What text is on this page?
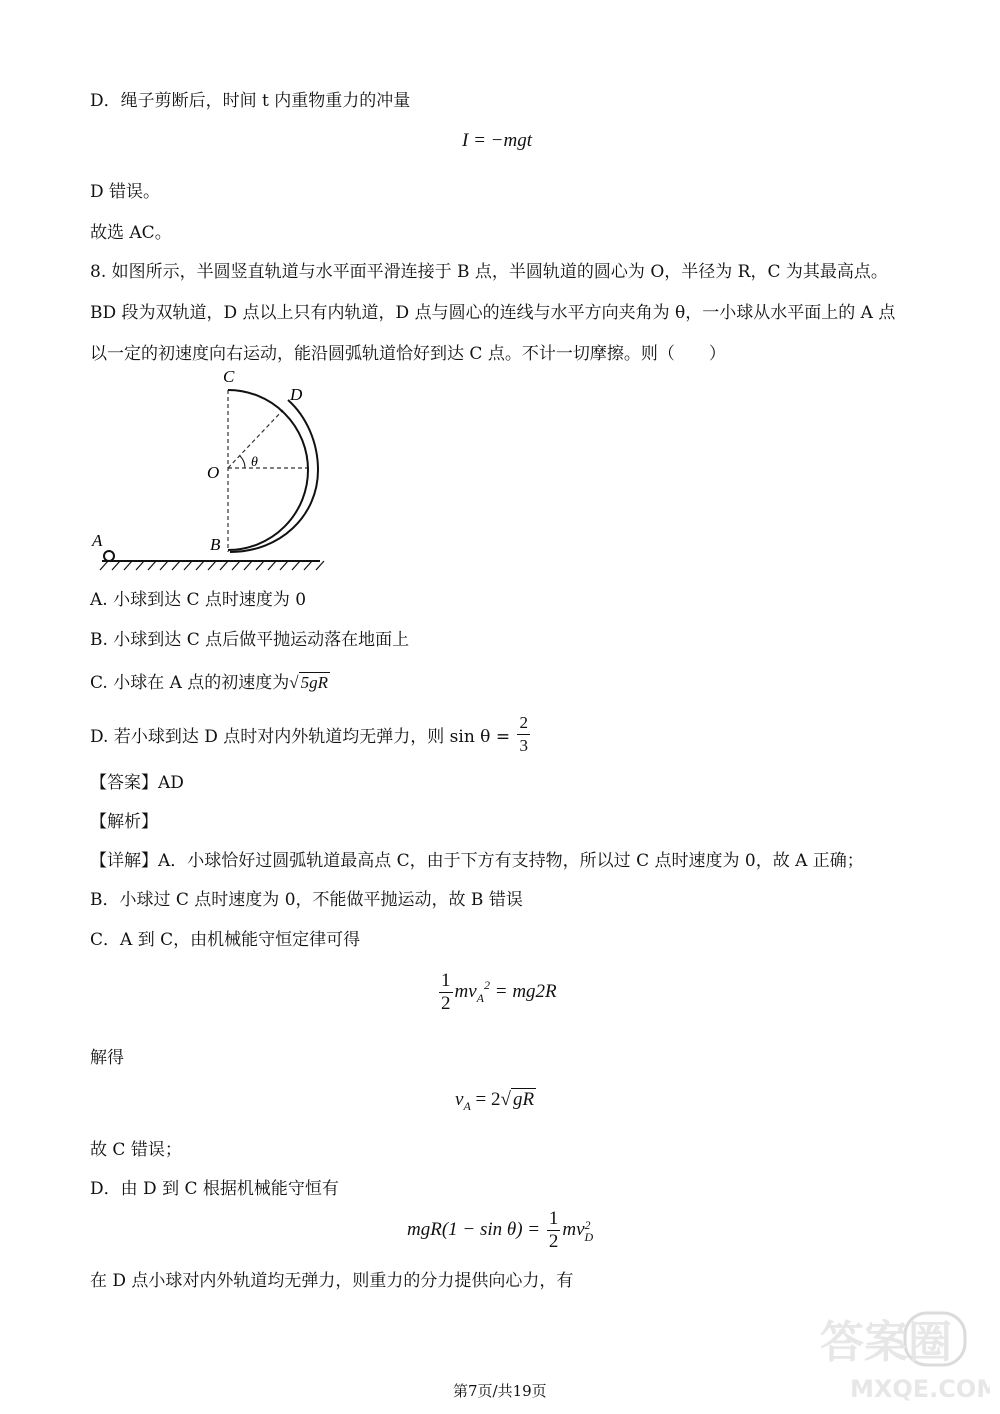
D．绳子剪断后，时间 t 内重物重力的冲量
I = −mgt
D 错误。
故选 AC。
8. 如图所示，半圆竖直轨道与水平面平滑连接于 B 点，半圆轨道的圆心为 O，半径为 R，C 为其最高点。
BD 段为双轨道，D 点以上只有内轨道，D 点与圆心的连线与水平方向夹角为 θ，一小球从水平面上的 A 点
以一定的初速度向右运动，能沿圆弧轨道恰好到达 C 点。不计一切摩擦。则（　　）
C
D
O
θ
B
A
A. 小球到达 C 点时速度为 0
B. 小球到达 C 点后做平抛运动落在地面上
C. 小球在 A 点的初速度为√ 5gR
D. 若小球到达 D 点时对内外轨道均无弹力，则 $\sin \theta = \frac{2}{3}$
【答案】AD
【解析】
【详解】A．小球恰好过圆弧轨道最高点 C，由于下方有支持物，所以过 C 点时速度为 0，故 A 正确；
B．小球过 C 点时速度为 0，不能做平抛运动，故 B 错误
C．A 到 C，由机械能守恒定律可得
$\frac{1}{2} mv_A^2 = mg2R$
解得
$v_A = 2√$ gR
故 C 错误；
D．由 D 到 C 根据机械能守恒有
$mgR(1 - \sin \theta) = \frac{1}{2}$ mv 2
D
在 D 点小球对内外轨道均无弹力，则重力的分力提供向心力，有
第7页/共19页
答案圈
MXQE.COM
